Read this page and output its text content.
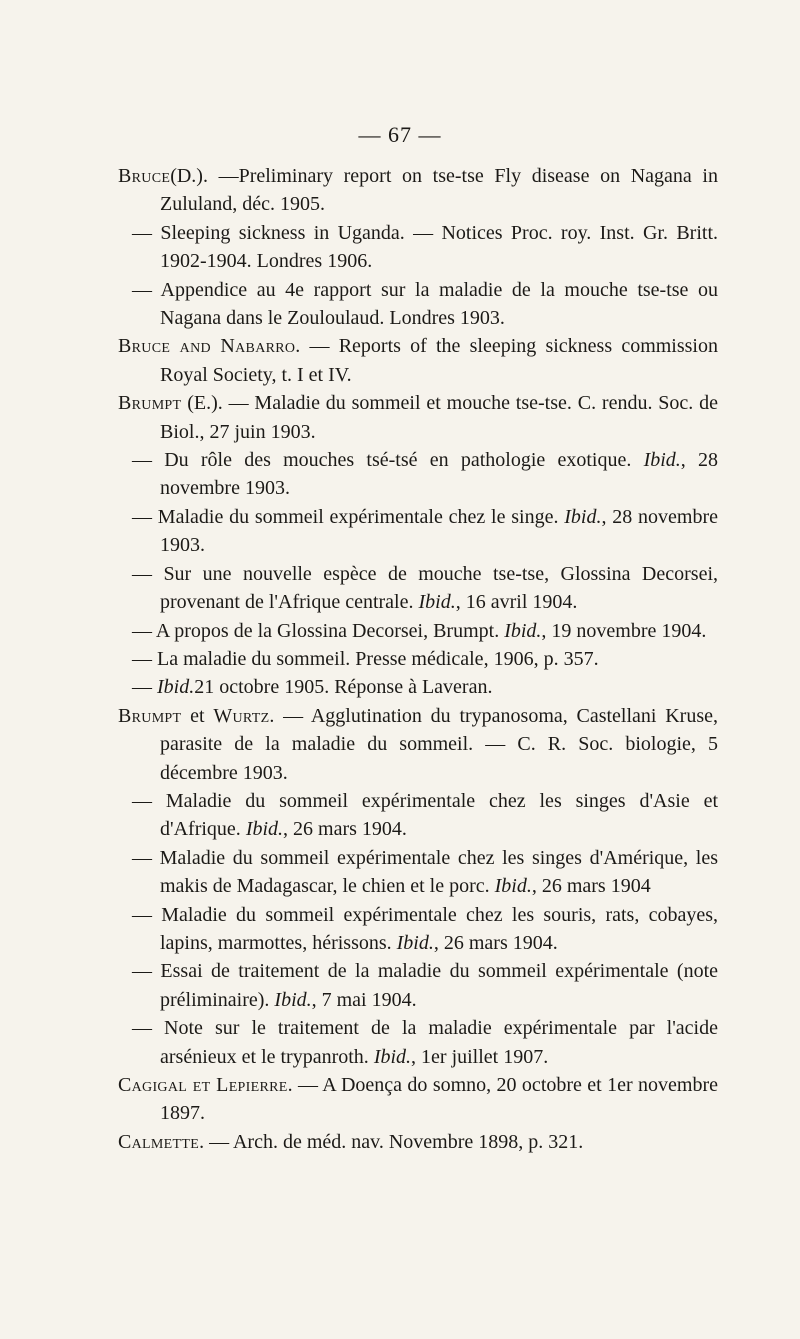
— 67 —

Bruce(D.). —Preliminary report on tse-tse Fly disease on Nagana in Zululand, déc. 1905.

— Sleeping sickness in Uganda. — Notices Proc. roy. Inst. Gr. Britt. 1902-1904. Londres 1906.

— Appendice au 4e rapport sur la maladie de la mouche tse-tse ou Nagana dans le Zouloulaud. Londres 1903.

Bruce and Nabarro. — Reports of the sleeping sickness commission Royal Society, t. I et IV.

Brumpt (E.). — Maladie du sommeil et mouche tse-tse. C. rendu. Soc. de Biol., 27 juin 1903.

— Du rôle des mouches tsé-tsé en pathologie exotique. Ibid., 28 novembre 1903.

— Maladie du sommeil expérimentale chez le singe. Ibid., 28 novembre 1903.

— Sur une nouvelle espèce de mouche tse-tse, Glossina Decorsei, provenant de l'Afrique centrale. Ibid., 16 avril 1904.

— A propos de la Glossina Decorsei, Brumpt. Ibid., 19 novembre 1904.

— La maladie du sommeil. Presse médicale, 1906, p. 357.

— Ibid.21 octobre 1905. Réponse à Laveran.

Brumpt et Wurtz. — Agglutination du trypanosoma, Castellani Kruse, parasite de la maladie du sommeil. — C. R. Soc. biologie, 5 décembre 1903.

— Maladie du sommeil expérimentale chez les singes d'Asie et d'Afrique. Ibid., 26 mars 1904.

— Maladie du sommeil expérimentale chez les singes d'Amérique, les makis de Madagascar, le chien et le porc. Ibid., 26 mars 1904

— Maladie du sommeil expérimentale chez les souris, rats, cobayes, lapins, marmottes, hérissons. Ibid., 26 mars 1904.

— Essai de traitement de la maladie du sommeil expérimentale (note préliminaire). Ibid., 7 mai 1904.

— Note sur le traitement de la maladie expérimentale par l'acide arsénieux et le trypanroth. Ibid., 1er juillet 1907.

Cagigal et Lepierre. — A Doença do somno, 20 octobre et 1er novembre 1897.

Calmette. — Arch. de méd. nav. Novembre 1898, p. 321.
